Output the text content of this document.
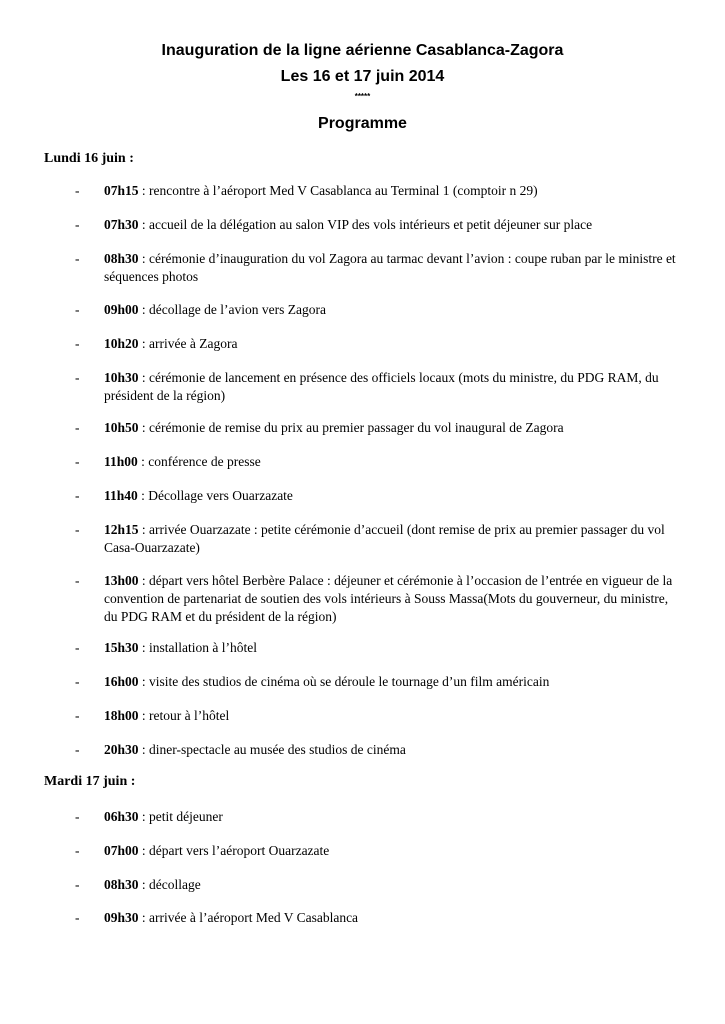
Inauguration de la ligne aérienne Casablanca-Zagora
Les 16 et 17 juin 2014
*****
Programme
Lundi 16 juin :
- 07h15 : rencontre à l’aéroport Med V Casablanca au Terminal 1 (comptoir n 29)
- 07h30 : accueil de la délégation au salon VIP des vols intérieurs et petit déjeuner sur place
- 08h30 : cérémonie d’inauguration du vol Zagora au tarmac devant l’avion : coupe ruban par le ministre et séquences photos
- 09h00 : décollage de l’avion vers Zagora
- 10h20 : arrivée à Zagora
- 10h30 : cérémonie de lancement en présence des officiels locaux (mots du ministre, du PDG RAM, du président de la région)
- 10h50 : cérémonie de remise du prix au premier passager du vol inaugural de Zagora
- 11h00 : conférence de presse
- 11h40 : Décollage vers Ouarzazate
- 12h15 : arrivée Ouarzazate : petite cérémonie d’accueil (dont remise de prix au premier passager du vol Casa-Ouarzazate)
- 13h00 : départ vers hôtel Berbère Palace : déjeuner et cérémonie à l’occasion de l’entrée en vigueur de la convention de partenariat de soutien des vols intérieurs à Souss Massa(Mots du gouverneur, du ministre, du PDG RAM et du président de la région)
- 15h30 : installation à l’hôtel
- 16h00 : visite des studios de cinéma où se déroule le tournage d’un film américain
- 18h00 : retour à l’hôtel
- 20h30 : diner-spectacle au musée des studios de cinéma
Mardi 17 juin :
- 06h30 : petit déjeuner
- 07h00 : départ vers l’aéroport Ouarzazate
- 08h30 : décollage
- 09h30 : arrivée à l’aéroport Med V Casablanca
